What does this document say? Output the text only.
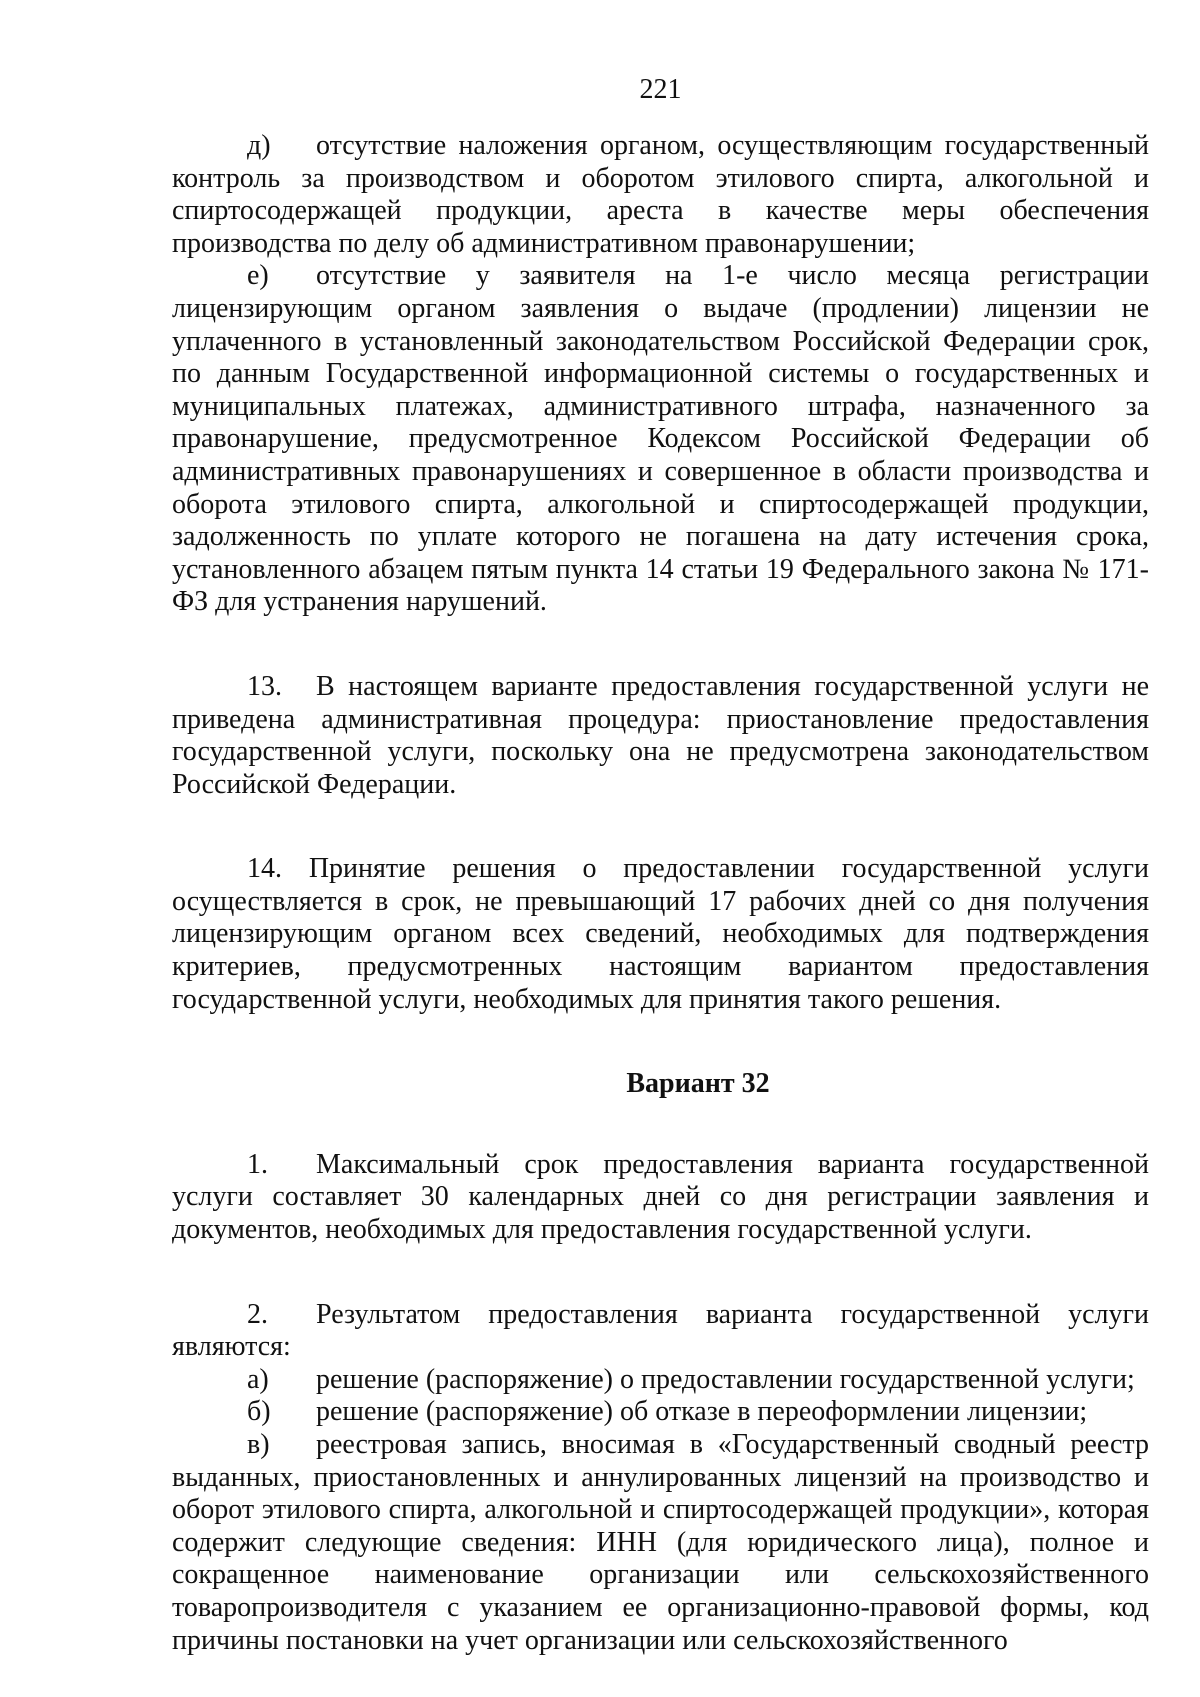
221

д) отсутствие наложения органом, осуществляющим государственный контроль за производством и оборотом этилового спирта, алкогольной и спиртосодержащей продукции, ареста в качестве меры обеспечения производства по делу об административном правонарушении;

е) отсутствие у заявителя на 1-е число месяца регистрации лицензирующим органом заявления о выдаче (продлении) лицензии не уплаченного в установленный законодательством Российской Федерации срок, по данным Государственной информационной системы о государственных и муниципальных платежах, административного штрафа, назначенного за правонарушение, предусмотренное Кодексом Российской Федерации об административных правонарушениях и совершенное в области производства и оборота этилового спирта, алкогольной и спиртосодержащей продукции, задолженность по уплате которого не погашена на дату истечения срока, установленного абзацем пятым пункта 14 статьи 19 Федерального закона № 171-ФЗ для устранения нарушений.

13. В настоящем варианте предоставления государственной услуги не приведена административная процедура: приостановление предоставления государственной услуги, поскольку она не предусмотрена законодательством Российской Федерации.

14. Принятие решения о предоставлении государственной услуги осуществляется в срок, не превышающий 17 рабочих дней со дня получения лицензирующим органом всех сведений, необходимых для подтверждения критериев, предусмотренных настоящим вариантом предоставления государственной услуги, необходимых для принятия такого решения.

Вариант 32

1. Максимальный срок предоставления варианта государственной услуги составляет 30 календарных дней со дня регистрации заявления и документов, необходимых для предоставления государственной услуги.

2. Результатом предоставления варианта государственной услуги являются:

а) решение (распоряжение) о предоставлении государственной услуги;

б) решение (распоряжение) об отказе в переоформлении лицензии;

в) реестровая запись, вносимая в «Государственный сводный реестр выданных, приостановленных и аннулированных лицензий на производство и оборот этилового спирта, алкогольной и спиртосодержащей продукции», которая содержит следующие сведения: ИНН (для юридического лица), полное и сокращенное наименование организации или сельскохозяйственного товаропроизводителя с указанием ее организационно-правовой формы, код причины постановки на учет организации или сельскохозяйственного
